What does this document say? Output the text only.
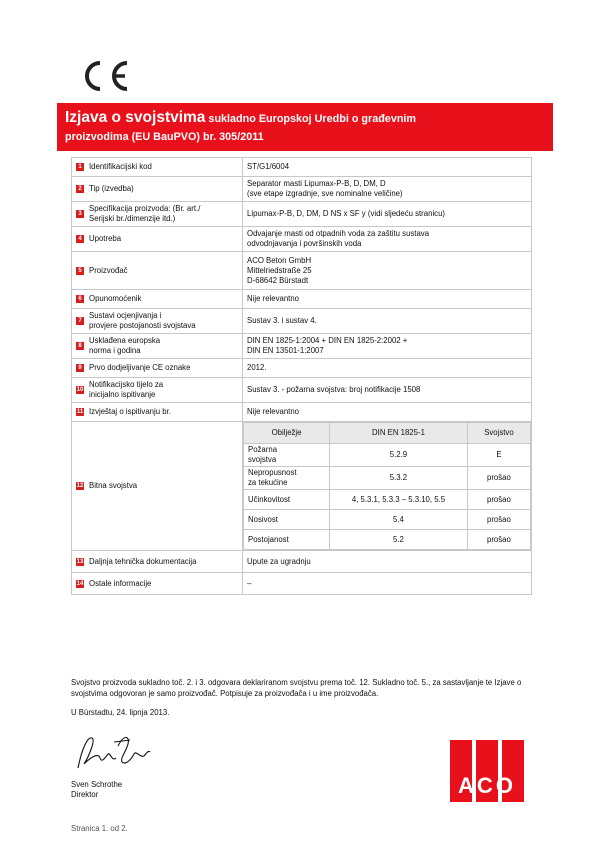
Izjava o svojstvima sukladno Europskoj Uredbi o građevnim
proizvodima (EU BauPVO) br. 305/2011
1 Identifikacijski kod	ST/G1/6004

2 Tip (izvedba)
	Separator masti Lipumax-P-B, D, DM, D
(sve etape izgradnje, sve nominalne veličine)

3
Specifikacija proizvoda: (Br. art./
Serijski br./dimenzije itd.)
	Lipumax-P-B, D, DM, D NS x SF y (vidi sljedeću stranicu)

4 Upotreba
	Odvajanje masti od otpadnih voda za zaštitu sustava
odvodnjavanja i površinskih voda

5 Proizvođač
	ACO Beton GmbH
Mittelriedstraße 25
D-68642 Bürstadt

6 Opunomoćenik	Nije relevantno

7
Sustavi ocjenjivanja i
provjere postojanosti svojstava
	Sustav 3. i sustav 4.

8
Usklađena europska
norma i godina
	DIN EN 1825-1:2004 + DIN EN 1825-2:2002 +
DIN EN 13501-1:2007

9 Prvo dodjeljivanje CE oznake	2012.

10
Notifikacijsko tijelo za
inicijalno ispitivanje
	Sustav 3. - požarna svojstva: broj notifikacije 1508

11 Izvještaj o ispitivanju br.	Nije relevantno

12 Bitna svojstva

Obilježje	DIN EN 1825-1	Svojstvo
Požarna
svojstva	5.2.9	E
Nepropusnost
za tekućine	5.3.2	prošao
Učinkovitost	4, 5.3.1, 5.3.3 – 5.3.10, 5.5	prošao
Nosivost	5.4	prošao
Postojanost	5.2	prošao

13 Daljnja tehnička dokumentacija	Upute za ugradnju

14 Ostale informacije	–
Svojstvo proizvoda sukladno toč. 2. i 3. odgovara deklariranom svojstvu prema toč. 12. Sukladno toč. 5., za sastavljanje te Izjave o svojstvima odgovoran je samo proizvođač. Potpisuje za proizvođača i u ime proizvođača.
U Bürstadtu, 24. lipnja 2013.
Sven Schrothe
Direktor	ACO
Stranica 1. od 2.
